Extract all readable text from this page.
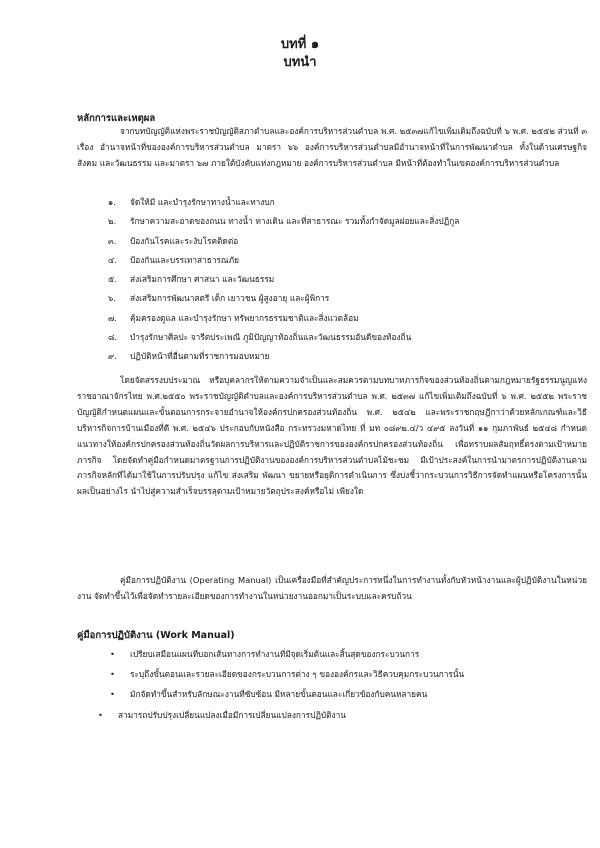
บทที่ ๑
บทนำ
หลักการและเหตุผล
จากบทบัญญัติแห่งพระราชบัญญัติสภาตำบลและองค์การบริหารส่วนตำบล พ.ศ. ๒๕๓๗แก้ไขเพิ่มเติมถึงฉบับที่ ๖ พ.ศ. ๒๕๕๒ ส่วนที่ ๓ เรื่อง อำนาจหน้าที่ขององค์การบริหารส่วนตำบล มาตรา ๖๖ องค์การบริหารส่วนตำบลมีอำนาจหน้าที่ในการพัฒนาตำบล ทั้งในด้านเศรษฐกิจ สังคม และวัฒนธรรม และมาตรา ๖๗ ภายใต้บังคับแห่งกฎหมาย องค์การบริหารส่วนตำบล มีหน้าที่ต้องทำในเขตองค์การบริหารส่วนตำบล
๑. จัดให้มี และบำรุงรักษาทางน้ำและทางบก
๒. รักษาความสะอาดของถนน ทางน้ำ ทางเดิน และที่สาธารณะ รวมทั้งกำจัดมูลฝอยและสิ่งปฏิกูล
๓. ป้องกันโรคและระงับโรคติดต่อ
๔. ป้องกันและบรรเทาสาธารณภัย
๕. ส่งเสริมการศึกษา ศาสนา และวัฒนธรรม
๖. ส่งเสริมการพัฒนาสตรี เด็ก เยาวชน ผู้สูงอายุ และผู้พิการ
๗. คุ้มครองดูแล และบำรุงรักษา ทรัพยากรธรรมชาติและสิ่งแวดล้อม
๘. บำรุงรักษาศิลปะ จารีตประเพณี ภูมิปัญญาท้องถิ่นและวัฒนธรรมอันดีของท้องถิ่น
๙. ปฏิบัติหน้าที่อื่นตามที่ราชการมอบหมาย
โดยจัดสรรงบประมาณ หรือบุคลากรให้ตามความจำเป็นและสมควรตามบทบาทภารกิจของส่วนท้องถิ่นตามกฎหมายรัฐธรรมนูญแห่งราชอาณาจักรไทย พ.ศ.๒๕๕๐ พระราชบัญญัติตำบลและองค์การบริหารส่วนตำบล พ.ศ. ๒๕๓๗ แก้ไขเพิ่มเติมถึงฉบับที่ ๖ พ.ศ. ๒๕๕๒ พระราชบัญญัติกำหนดแผนและขั้นตอนการกระจายอำนาจให้องค์กรปกครองส่วนท้องถิ่น พ.ศ. ๒๕๔๒ และพระราชกฤษฎีกาว่าด้วยหลักเกณฑ์และวิธีบริหารกิจการบ้านเมืองที่ดี พ.ศ. ๒๕๔๖ ประกอบกับหนังสือ กระทรวงมหาดไทย ที่ มท ๐๘๙๒.๔/ว ๔๙๕ ลงวันที่ ๑๑ กุมภาพันธ์ ๒๕๔๘ กำหนดแนวทางให้องค์กรปกครองส่วนท้องถิ่นวัดผลการบริหารและปฏิบัติราชการขององค์กรปกครองส่วนท้องถิ่น เพื่อทราบผลสัมฤทธิ์ตรงตามเป้าหมายภารกิจ โดยจัดทำคู่มือกำหนดมาตรฐานการปฏิบัติงานขององค์การบริหารส่วนตำบลไม้ชะชม มีเป้าประสงค์ในการนำมาตรการปฏิบัติงานตามภารกิจหลักที่ได้มาใช้ในการปรับปรุง แก้ไข ส่งเสริม พัฒนา ขยายหรือยุติการดำเนินการ ซึ่งบ่งชี้ว่ากระบวนการวิธีการจัดทำแผนหรือโครงการนั้นผลเป็นอย่างไร นำไปสู่ความสำเร็จบรรลุตามเป้าหมายวัตถุประสงค์หรือไม่ เพียงใด
คู่มือการปฏิบัติงาน (Operating Manual) เป็นเครื่องมือที่สำคัญประการหนึ่งในการทำงานทั้งกับหัวหน้างานและผู้ปฏิบัติงานในหน่วยงาน จัดทำขึ้นไว้เพื่อจัดทำรายละเอียดของการทำงานในหน่วยงานออกมาเป็นระบบและครบถ้วน
คู่มือการปฏิบัติงาน (Work Manual)
• เปรียบเสมือนแผนที่บอกเส้นทางการทำงานที่มีจุดเริ่มต้นและสิ้นสุดของกระบวนการ
• ระบุถึงขั้นตอนและรายละเอียดของกระบวนการต่าง ๆ ขององค์กรและวิธีควบคุมกระบวนการนั้น
• มักจัดทำขึ้นสำหรับลักษณะงานที่ซับซ้อน มีหลายขั้นตอนและเกี่ยวข้องกับคนหลายคน
• สามารถปรับปรุงเปลี่ยนแปลงเมื่อมีการเปลี่ยนแปลงการปฏิบัติงาน
